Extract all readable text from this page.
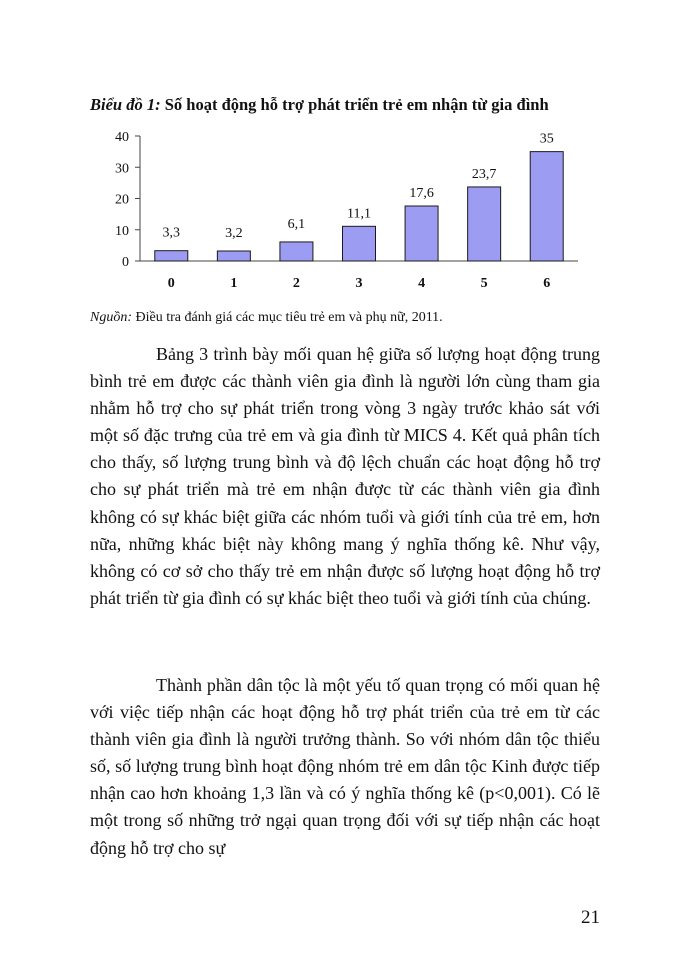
Biểu đồ 1: Số hoạt động hỗ trợ phát triển trẻ em nhận từ gia đình
0
10
20
30
40
3,3
0
3,2
1
6,1
2
11,1
3
17,6
4
23,7
5
35
6
Nguồn: Điều tra đánh giá các mục tiêu trẻ em và phụ nữ, 2011.

Bảng 3 trình bày mối quan hệ giữa số lượng hoạt động trung bình trẻ em được các thành viên gia đình là người lớn cùng tham gia nhằm hỗ trợ cho sự phát triển trong vòng 3 ngày trước khảo sát với một số đặc trưng của trẻ em và gia đình từ MICS 4. Kết quả phân tích cho thấy, số lượng trung bình và độ lệch chuẩn các hoạt động hỗ trợ cho sự phát triển mà trẻ em nhận được từ các thành viên gia đình không có sự khác biệt giữa các nhóm tuổi và giới tính của trẻ em, hơn nữa, những khác biệt này không mang ý nghĩa thống kê. Như vậy, không có cơ sở cho thấy trẻ em nhận được số lượng hoạt động hỗ trợ phát triển từ gia đình có sự khác biệt theo tuổi và giới tính của chúng.

Thành phần dân tộc là một yếu tố quan trọng có mối quan hệ với việc tiếp nhận các hoạt động hỗ trợ phát triển của trẻ em từ các thành viên gia đình là người trưởng thành. So với nhóm dân tộc thiểu số, số lượng trung bình hoạt động nhóm trẻ em dân tộc Kinh được tiếp nhận cao hơn khoảng 1,3 lần và có ý nghĩa thống kê (p<0,001). Có lẽ một trong số những trở ngại quan trọng đối với sự tiếp nhận các hoạt động hỗ trợ cho sự

21
